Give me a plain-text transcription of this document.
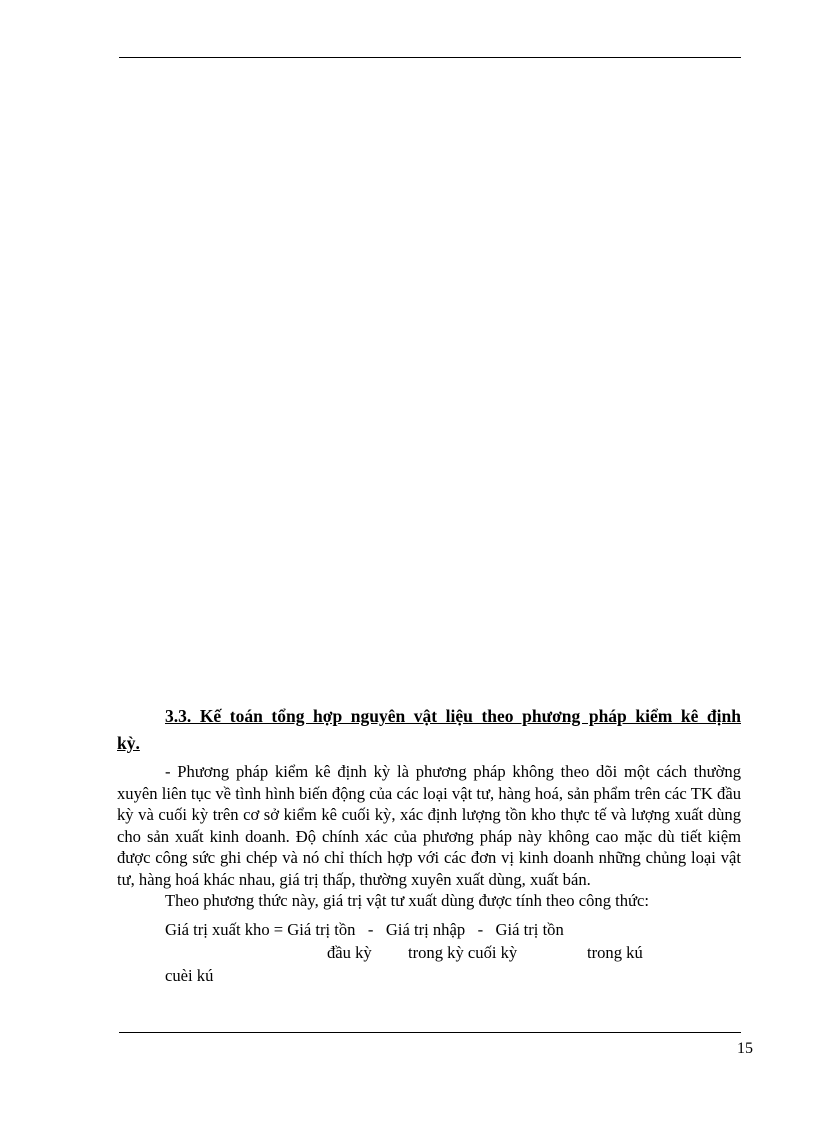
3.3. Kế toán tổng hợp nguyên vật liệu theo phương pháp kiểm kê định

kỳ.

- Phương pháp kiểm kê định kỳ là phương pháp không theo dõi một cách thường xuyên liên tục về tình hình biến động của các loại vật tư, hàng hoá, sản phẩm trên các TK đầu kỳ và cuối kỳ trên cơ sở kiểm kê cuối kỳ, xác định lượng tồn kho thực tế và lượng xuất dùng cho sản xuất kinh doanh. Độ chính xác của phương pháp này không cao mặc dù tiết kiệm được công sức ghi chép và nó chỉ thích hợp với các đơn vị kinh doanh những chủng loại vật tư, hàng hoá khác nhau, giá trị thấp, thường xuyên xuất dùng, xuất bán.

Theo phương thức này, giá trị vật tư xuất dùng được tính theo công thức:

Giá trị xuất kho = Giá trị tồn   -   Giá trị nhập   -   Giá trị tồn

đầu kỳ trong kỳ cuối kỳ	trong kú

cuèi kú

15
